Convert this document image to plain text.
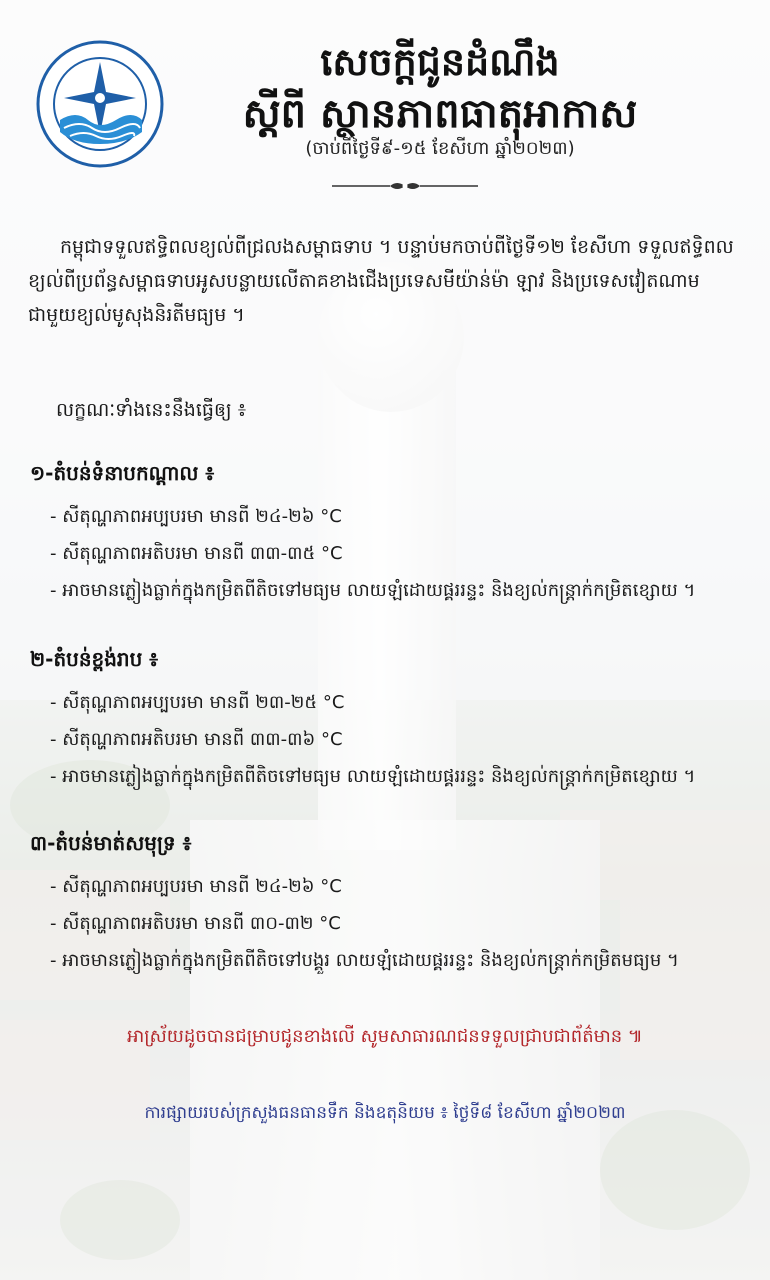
សេចក្ដីជូនដំណឹង
ស្ដីពី ស្ថានភាពធាតុអាកាស
(ចាប់ពីថ្ងៃទី៩-១៥ ខែសីហា ឆ្នាំ២០២៣)
កម្ពុជាទទួលឥទ្ធិពលខ្យល់ពីជ្រលងសម្ពាធទាប ។ បន្ទាប់មកចាប់ពីថ្ងៃទី១២ ខែសីហា ទទួលឥទ្ធិពលខ្យល់ពីប្រព័ន្ធសម្ពាធទាបអូសបន្លាយលើតាគខាងជើងប្រទេសមីយ៉ាន់ម៉ា ឡាវ និងប្រទេសវៀតណាម ជាមួយខ្យល់មូសុងនិរតីមធ្យម ។
លក្ខណៈទាំងនេះនឹងធ្វើឲ្យ ៖
១-តំបន់ទំនាបកណ្ដាល ៖
- សីតុណ្ហភាពអប្បបរមា មានពី ២៤-២៦ °C
- សីតុណ្ហភាពអតិបរមា មានពី ៣៣-៣៥ °C
- អាចមានភ្លៀងធ្លាក់ក្នុងកម្រិតពីតិចទៅមធ្យម លាយឡំដោយផ្គររន្ទះ និងខ្យល់កន្ត្រាក់កម្រិតខ្សោយ ។
២-តំបន់ខ្ពង់រាប ៖
- សីតុណ្ហភាពអប្បបរមា មានពី ២៣-២៥ °C
- សីតុណ្ហភាពអតិបរមា មានពី ៣៣-៣៦ °C
- អាចមានភ្លៀងធ្លាក់ក្នុងកម្រិតពីតិចទៅមធ្យម លាយឡំដោយផ្គររន្ទះ និងខ្យល់កន្ត្រាក់កម្រិតខ្សោយ ។
៣-តំបន់មាត់សមុទ្រ ៖
- សីតុណ្ហភាពអប្បបរមា មានពី ២៤-២៦ °C
- សីតុណ្ហភាពអតិបរមា មានពី ៣០-៣២ °C
- អាចមានភ្លៀងធ្លាក់ក្នុងកម្រិតពីតិចទៅបង្គួរ លាយឡំដោយផ្គររន្ទះ និងខ្យល់កន្ត្រាក់កម្រិតមធ្យម ។
អាស្រ័យដូចបានជម្រាបជូនខាងលើ សូមសាធារណជនទទួលជ្រាបជាព័ត៌មាន ៕
ការផ្សាយរបស់ក្រសួងធនធានទឹក និងឧតុនិយម ៖ ថ្ងៃទី៨ ខែសីហា ឆ្នាំ២០២៣
